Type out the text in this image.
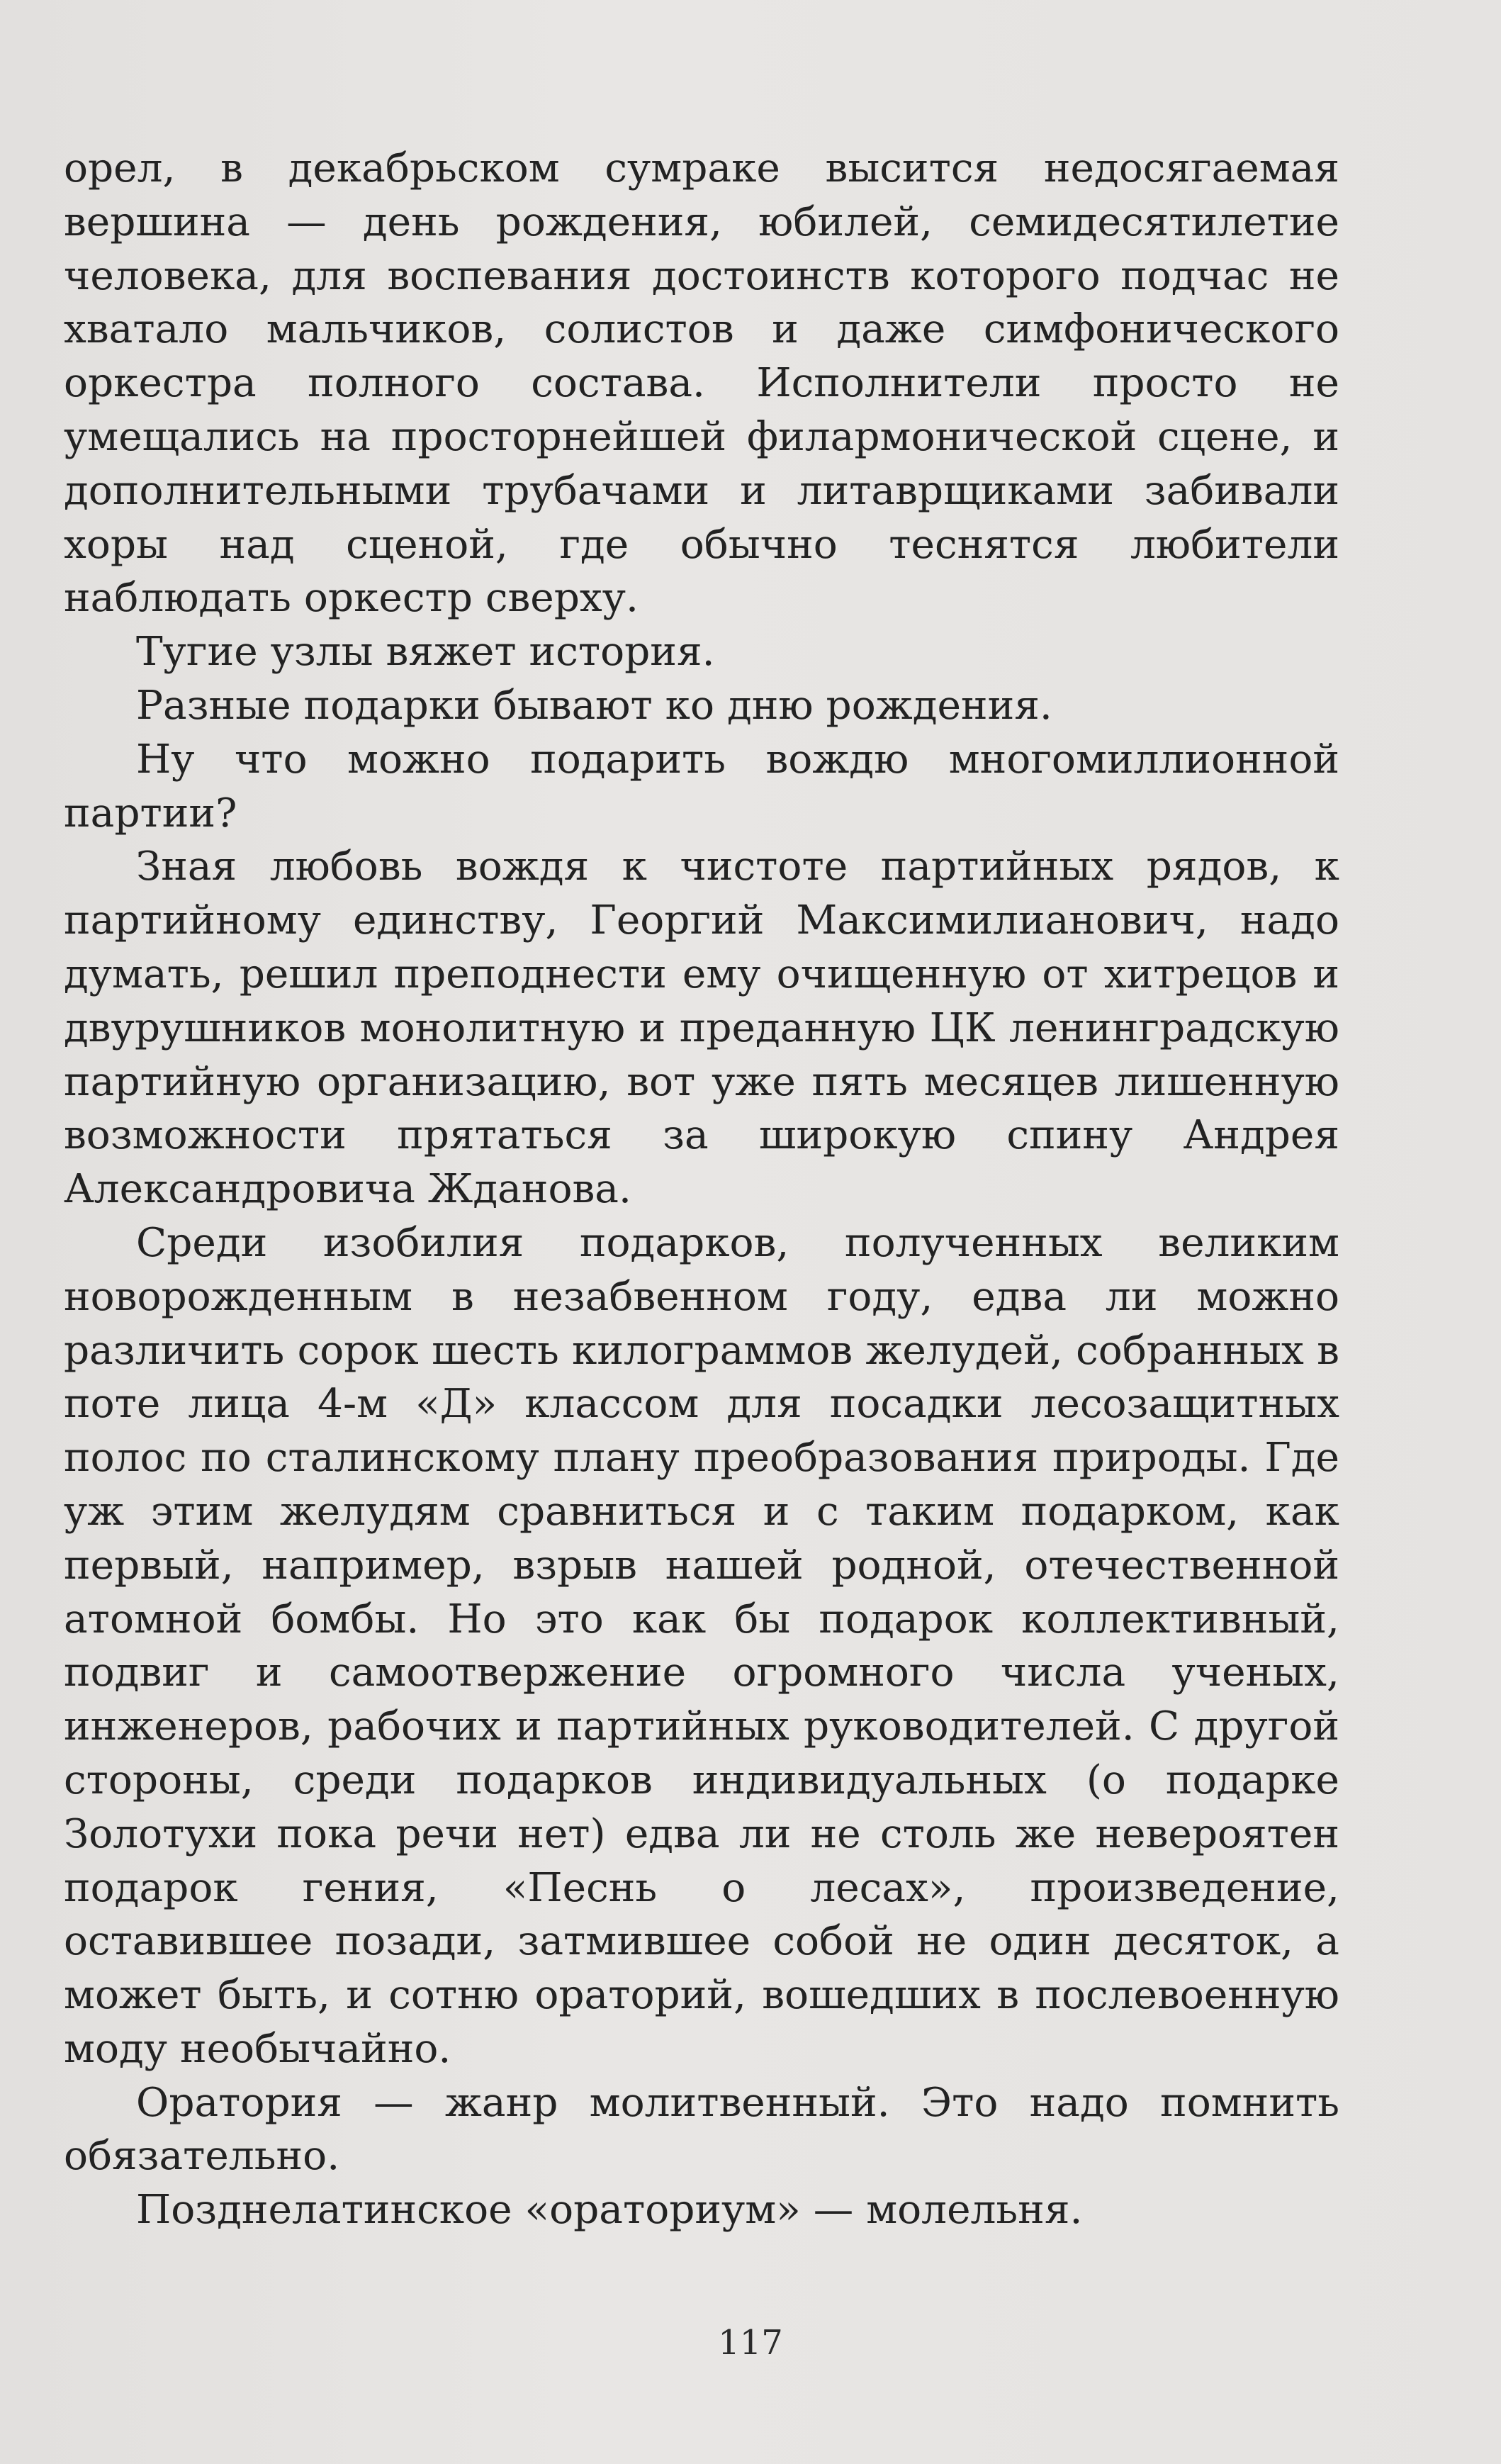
орел, в декабрьском сумраке высится недосягаемая вершина — день рождения, юбилей, семидесятилетие человека, для воспевания достоинств которого подчас не хватало мальчиков, солистов и даже симфонического оркестра полного состава. Исполнители просто не умещались на просторнейшей филармонической сцене, и дополнительными трубачами и литаврщиками забивали хоры над сценой, где обычно теснятся любители наблюдать оркестр сверху.

Тугие узлы вяжет история.

Разные подарки бывают ко дню рождения.

Ну что можно подарить вождю многомиллионной партии?

Зная любовь вождя к чистоте партийных рядов, к партийному единству, Георгий Максимилианович, надо думать, решил преподнести ему очищенную от хитрецов и двурушников монолитную и преданную ЦК ленинградскую партийную организацию, вот уже пять месяцев лишенную возможности прятаться за широкую спину Андрея Александровича Жданова.

Среди изобилия подарков, полученных великим новорожденным в незабвенном году, едва ли можно различить сорок шесть килограммов желудей, собранных в поте лица 4-м «Д» классом для посадки лесозащитных полос по сталинскому плану преобразования природы. Где уж этим желудям сравниться и с таким подарком, как первый, например, взрыв нашей родной, отечественной атомной бомбы. Но это как бы подарок коллективный, подвиг и самоотвержение огромного числа ученых, инженеров, рабочих и партийных руководителей. С другой стороны, среди подарков индивидуальных (о подарке Золотухи пока речи нет) едва ли не столь же невероятен подарок гения, «Песнь о лесах», произведение, оставившее позади, затмившее собой не один десяток, а может быть, и сотню ораторий, вошедших в послевоенную моду необычайно.

Оратория — жанр молитвенный. Это надо помнить обязательно.

Позднелатинское «ораториум» — молельня.

117
